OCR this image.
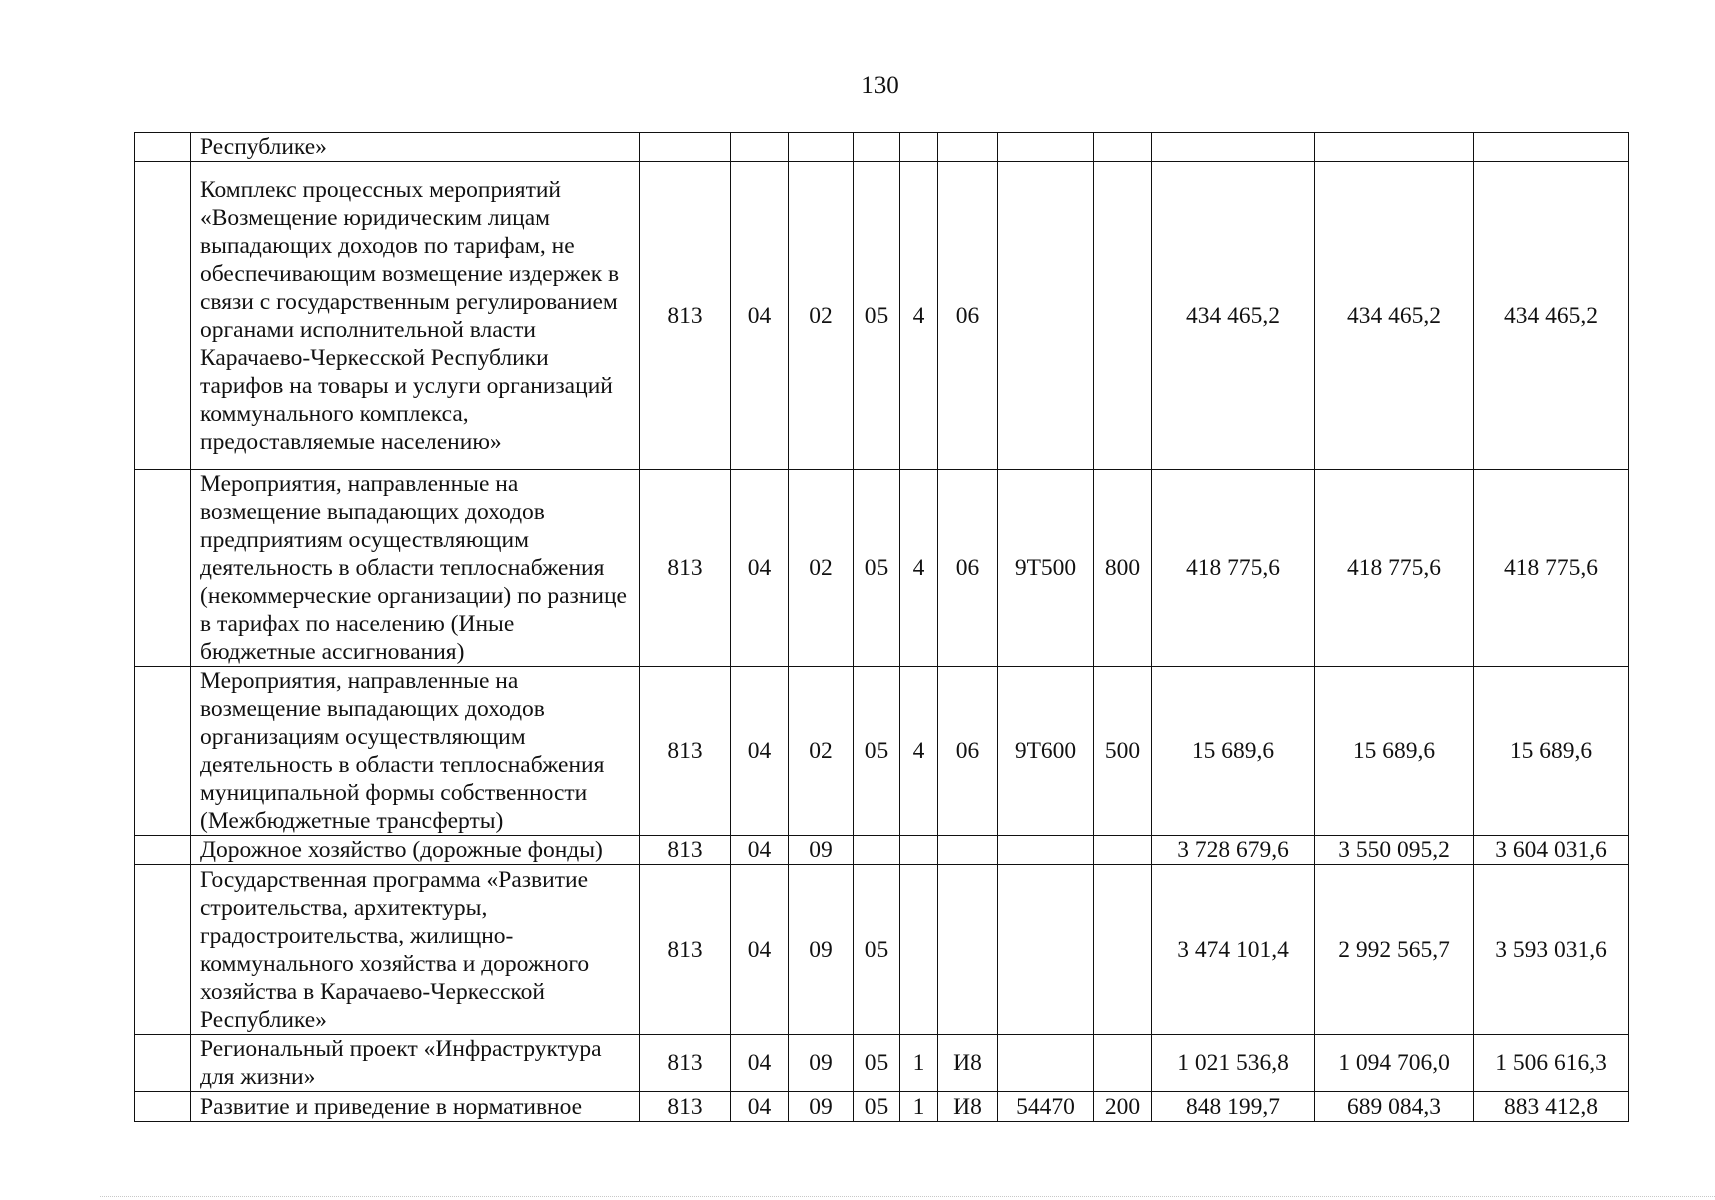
130
	Республике»											
	Комплекс процессных мероприятий «Возмещение юридическим лицам выпадающих доходов по тарифам, не обеспечивающим возмещение издержек в связи с государственным регулированием органами исполнительной власти Карачаево-Черкесской Республики тарифов на товары и услуги организаций коммунального комплекса, предоставляемые населению»	813	04	02	05	4	06			434 465,2	434 465,2	434 465,2
	Мероприятия, направленные на возмещение выпадающих доходов предприятиям осуществляющим деятельность в области теплоснабжения (некоммерческие организации) по разнице в тарифах по населению (Иные бюджетные ассигнования)	813	04	02	05	4	06	9Т500	800	418 775,6	418 775,6	418 775,6
	Мероприятия, направленные на возмещение выпадающих доходов организациям осуществляющим деятельность в области теплоснабжения муниципальной формы собственности (Межбюджетные трансферты)	813	04	02	05	4	06	9Т600	500	15 689,6	15 689,6	15 689,6
	Дорожное хозяйство (дорожные фонды)	813	04	09						3 728 679,6	3 550 095,2	3 604 031,6
	Государственная программа «Развитие строительства, архитектуры, градостроительства, жилищно-коммунального хозяйства и дорожного хозяйства в Карачаево-Черкесской Республике»	813	04	09	05					3 474 101,4	2 992 565,7	3 593 031,6
	Региональный проект «Инфраструктура для жизни»	813	04	09	05	1	И8			1 021 536,8	1 094 706,0	1 506 616,3
	Развитие и приведение в нормативное	813	04	09	05	1	И8	54470	200	848 199,7	689 084,3	883 412,8
